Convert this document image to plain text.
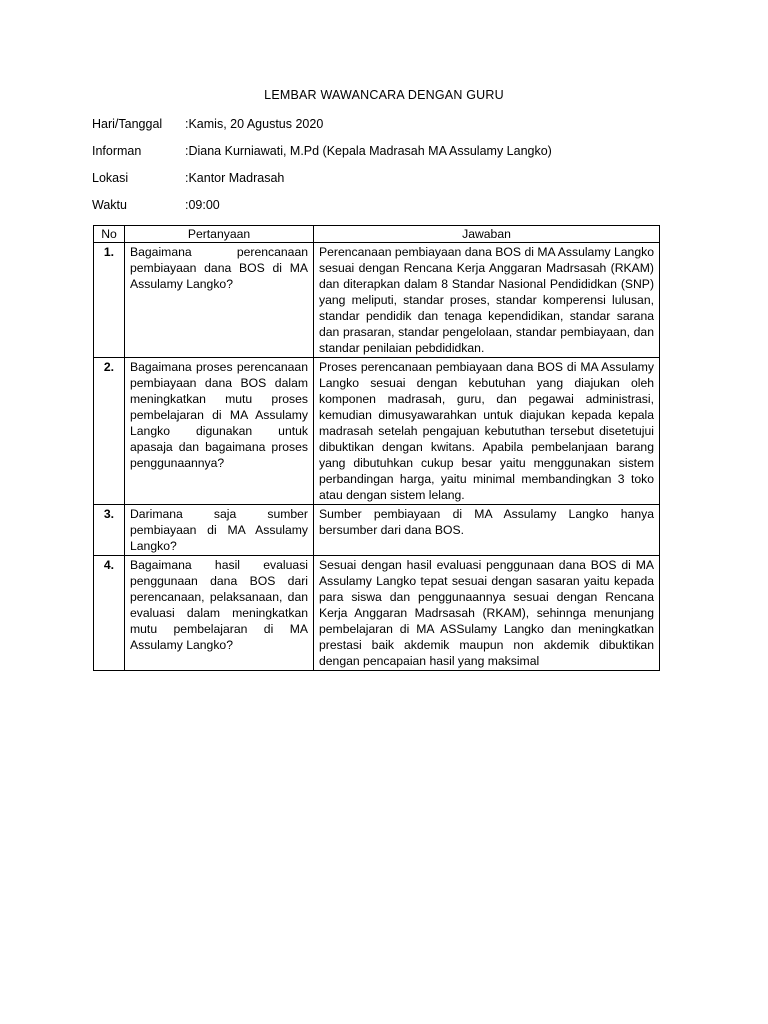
LEMBAR WAWANCARA DENGAN GURU
Hari/Tanggal :Kamis, 20 Agustus 2020
Informan	:Diana Kurniawati, M.Pd (Kepala Madrasah MA Assulamy Langko)
Lokasi	:Kantor Madrasah
Waktu	:09:00
No	Pertanyaan	Jawaban
1.	Bagaimana perencanaan pembiayaan dana BOS di MA Assulamy Langko?	Perencanaan pembiayaan dana BOS di MA Assulamy Langko sesuai dengan Rencana Kerja Anggaran Madrsasah (RKAM) dan diterapkan dalam 8 Standar Nasional Pendididkan (SNP) yang meliputi, standar proses, standar komperensi lulusan, standar pendidik dan tenaga kependidikan, standar sarana dan prasaran, standar pengelolaan, standar pembiayaan, dan standar penilaian pebdididkan.
2.	Bagaimana proses perencanaan pembiayaan dana BOS dalam meningkatkan mutu proses pembelajaran di MA Assulamy Langko digunakan untuk apasaja dan bagaimana proses penggunaannya?	Proses perencanaan pembiayaan dana BOS di MA Assulamy Langko sesuai dengan kebutuhan yang diajukan oleh komponen madrasah, guru, dan pegawai administrasi, kemudian dimusyawarahkan untuk diajukan kepada kepala madrasah setelah pengajuan kebututhan tersebut disetetujui dibuktikan dengan kwitans. Apabila pembelanjaan barang yang dibutuhkan cukup besar yaitu menggunakan sistem perbandingan harga, yaitu minimal membandingkan 3 toko atau dengan sistem lelang.
3.	Darimana saja sumber pembiayaan di MA Assulamy Langko?	Sumber pembiayaan di MA Assulamy Langko hanya bersumber dari dana BOS.
4.	Bagaimana hasil evaluasi penggunaan dana BOS dari perencanaan, pelaksanaan, dan evaluasi dalam meningkatkan mutu pembelajaran di MA Assulamy Langko?	Sesuai dengan hasil evaluasi penggunaan dana BOS di MA Assulamy Langko tepat sesuai dengan sasaran yaitu kepada para siswa dan penggunaannya sesuai dengan Rencana Kerja Anggaran Madrsasah (RKAM), sehinnga menunjang pembelajaran di MA ASSulamy Langko dan meningkatkan prestasi baik akdemik maupun non akdemik dibuktikan dengan pencapaian hasil yang maksimal
